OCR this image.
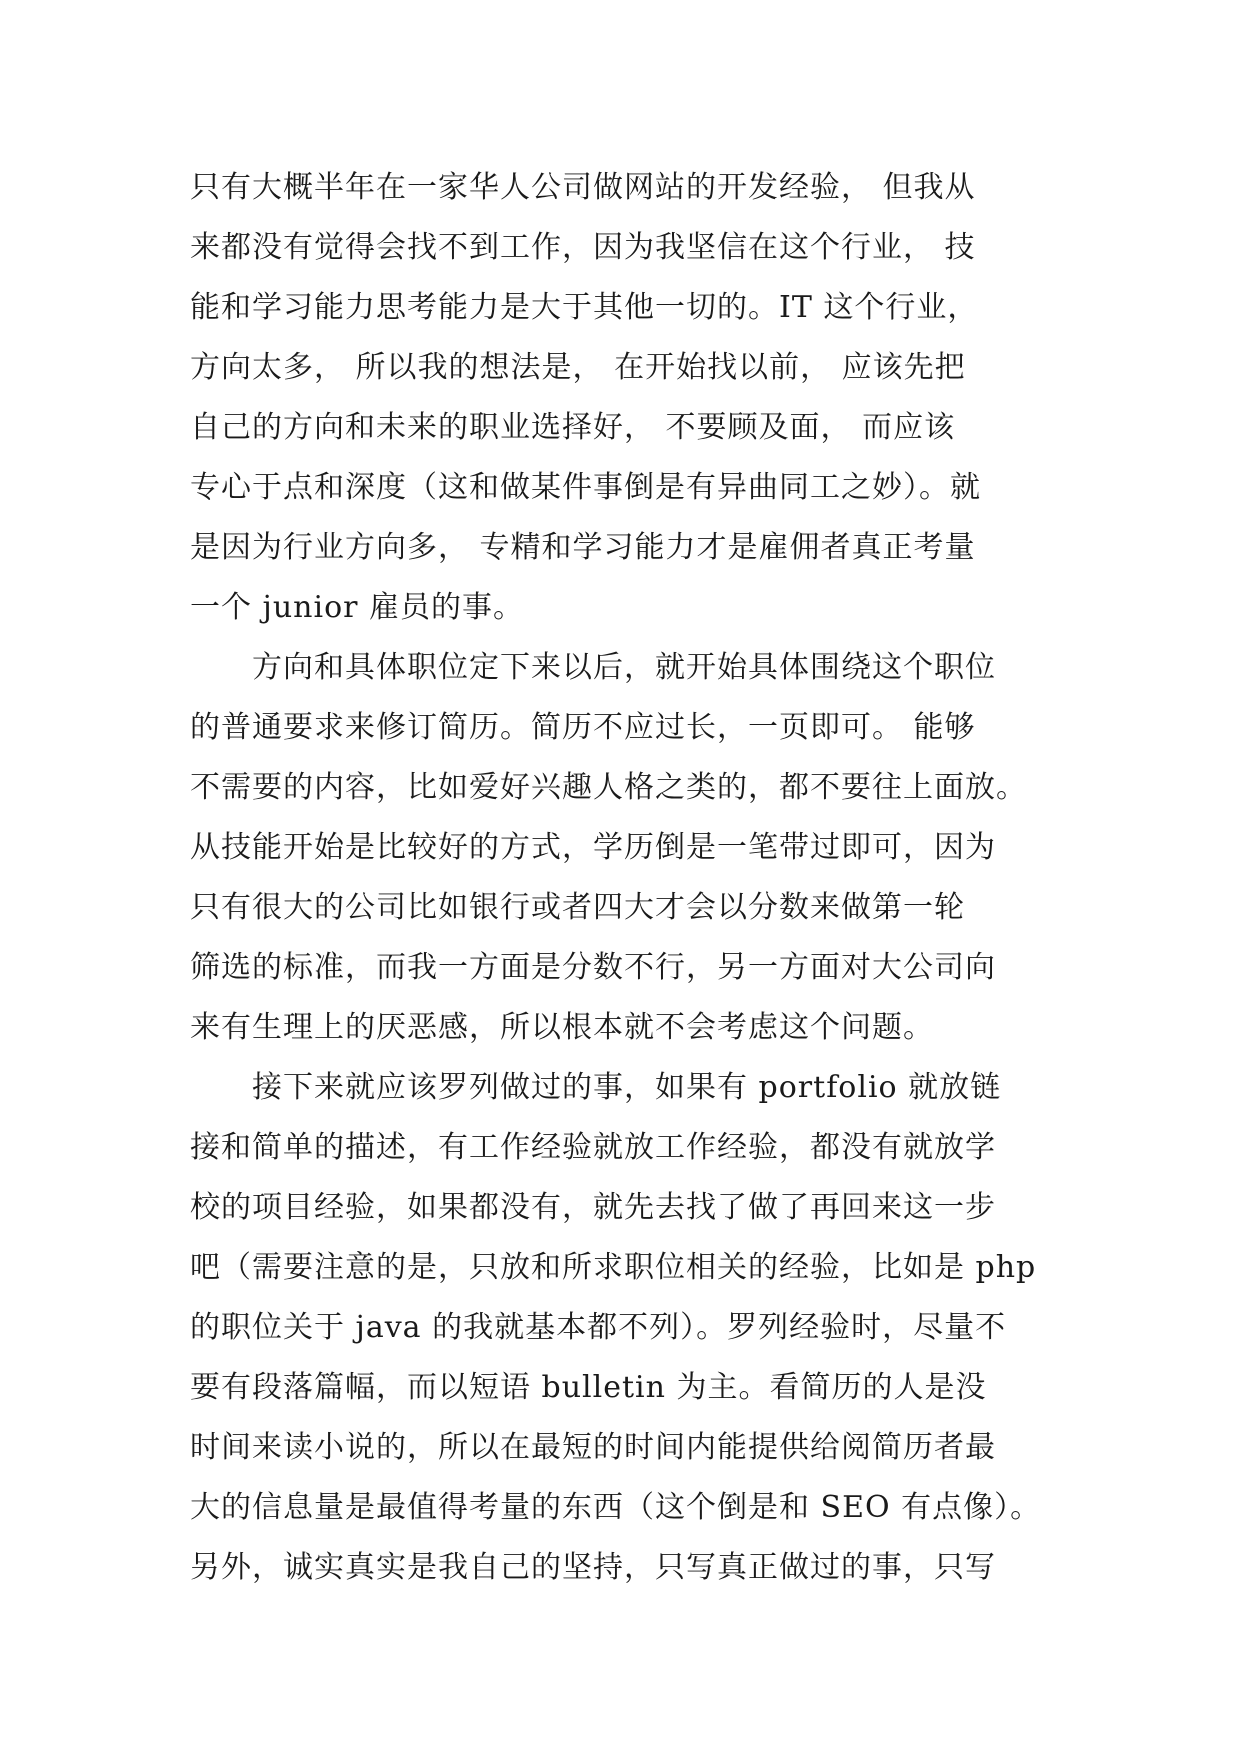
只有大概半年在一家华人公司做网站的开发经验， 但我从
来都没有觉得会找不到工作，因为我坚信在这个行业， 技
能和学习能力思考能力是大于其他一切的。IT 这个行业，
方向太多， 所以我的想法是， 在开始找以前， 应该先把
自己的方向和未来的职业选择好， 不要顾及面， 而应该
专心于点和深度（这和做某件事倒是有异曲同工之妙）。就
是因为行业方向多， 专精和学习能力才是雇佣者真正考量
一个 junior 雇员的事。
　　方向和具体职位定下来以后，就开始具体围绕这个职位
的普通要求来修订简历。简历不应过长，一页即可。 能够
不需要的内容，比如爱好兴趣人格之类的，都不要往上面放。
从技能开始是比较好的方式，学历倒是一笔带过即可，因为
只有很大的公司比如银行或者四大才会以分数来做第一轮
筛选的标准，而我一方面是分数不行，另一方面对大公司向
来有生理上的厌恶感，所以根本就不会考虑这个问题。
　　接下来就应该罗列做过的事，如果有 portfolio 就放链
接和简单的描述，有工作经验就放工作经验，都没有就放学
校的项目经验，如果都没有，就先去找了做了再回来这一步
吧（需要注意的是，只放和所求职位相关的经验，比如是 php
的职位关于 java 的我就基本都不列）。罗列经验时，尽量不
要有段落篇幅，而以短语 bulletin 为主。看简历的人是没
时间来读小说的，所以在最短的时间内能提供给阅简历者最
大的信息量是最值得考量的东西（这个倒是和 SEO 有点像）。
另外，诚实真实是我自己的坚持，只写真正做过的事，只写
